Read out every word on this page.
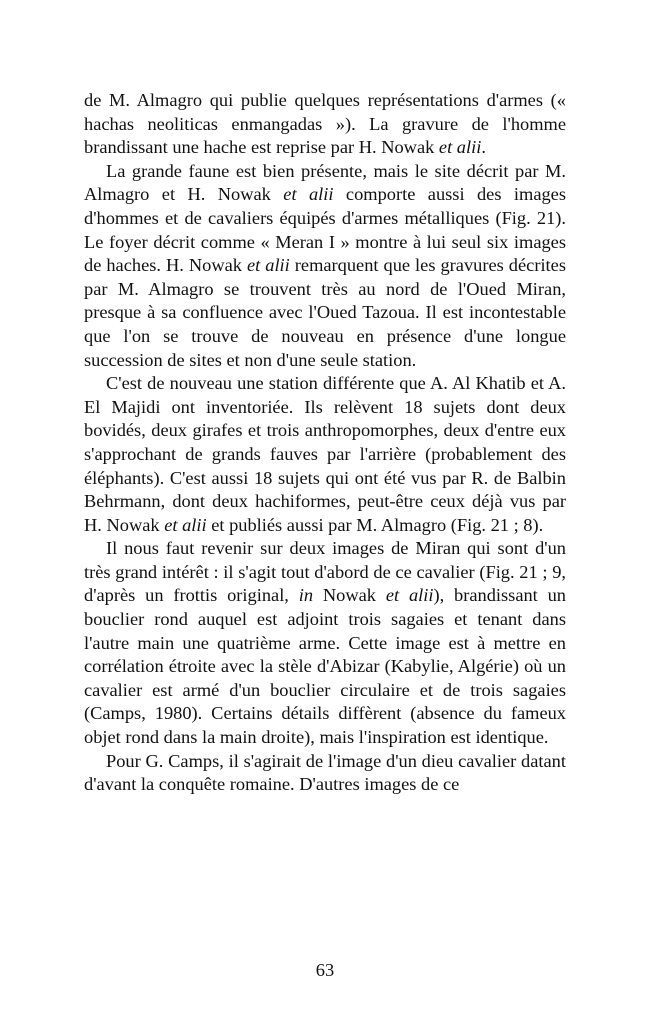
de M. Almagro qui publie quelques représentations d'armes (« hachas neoliticas enmangadas »). La gravure de l'homme brandissant une hache est reprise par H. Nowak et alii.

La grande faune est bien présente, mais le site décrit par M. Almagro et H. Nowak et alii comporte aussi des images d'hommes et de cavaliers équipés d'armes métalliques (Fig. 21). Le foyer décrit comme « Meran I » montre à lui seul six images de haches. H. Nowak et alii remarquent que les gravures décrites par M. Almagro se trouvent très au nord de l'Oued Miran, presque à sa confluence avec l'Oued Tazoua. Il est incontestable que l'on se trouve de nouveau en présence d'une longue succession de sites et non d'une seule station.

C'est de nouveau une station différente que A. Al Khatib et A. El Majidi ont inventoriée. Ils relèvent 18 sujets dont deux bovidés, deux girafes et trois anthropomorphes, deux d'entre eux s'approchant de grands fauves par l'arrière (probablement des éléphants). C'est aussi 18 sujets qui ont été vus par R. de Balbin Behrmann, dont deux hachiformes, peut-être ceux déjà vus par H. Nowak et alii et publiés aussi par M. Almagro (Fig. 21 ; 8).

Il nous faut revenir sur deux images de Miran qui sont d'un très grand intérêt : il s'agit tout d'abord de ce cavalier (Fig. 21 ; 9, d'après un frottis original, in Nowak et alii), brandissant un bouclier rond auquel est adjoint trois sagaies et tenant dans l'autre main une quatrième arme. Cette image est à mettre en corrélation étroite avec la stèle d'Abizar (Kabylie, Algérie) où un cavalier est armé d'un bouclier circulaire et de trois sagaies (Camps, 1980). Certains détails diffèrent (absence du fameux objet rond dans la main droite), mais l'inspiration est identique.

Pour G. Camps, il s'agirait de l'image d'un dieu cavalier datant d'avant la conquête romaine. D'autres images de ce

63
